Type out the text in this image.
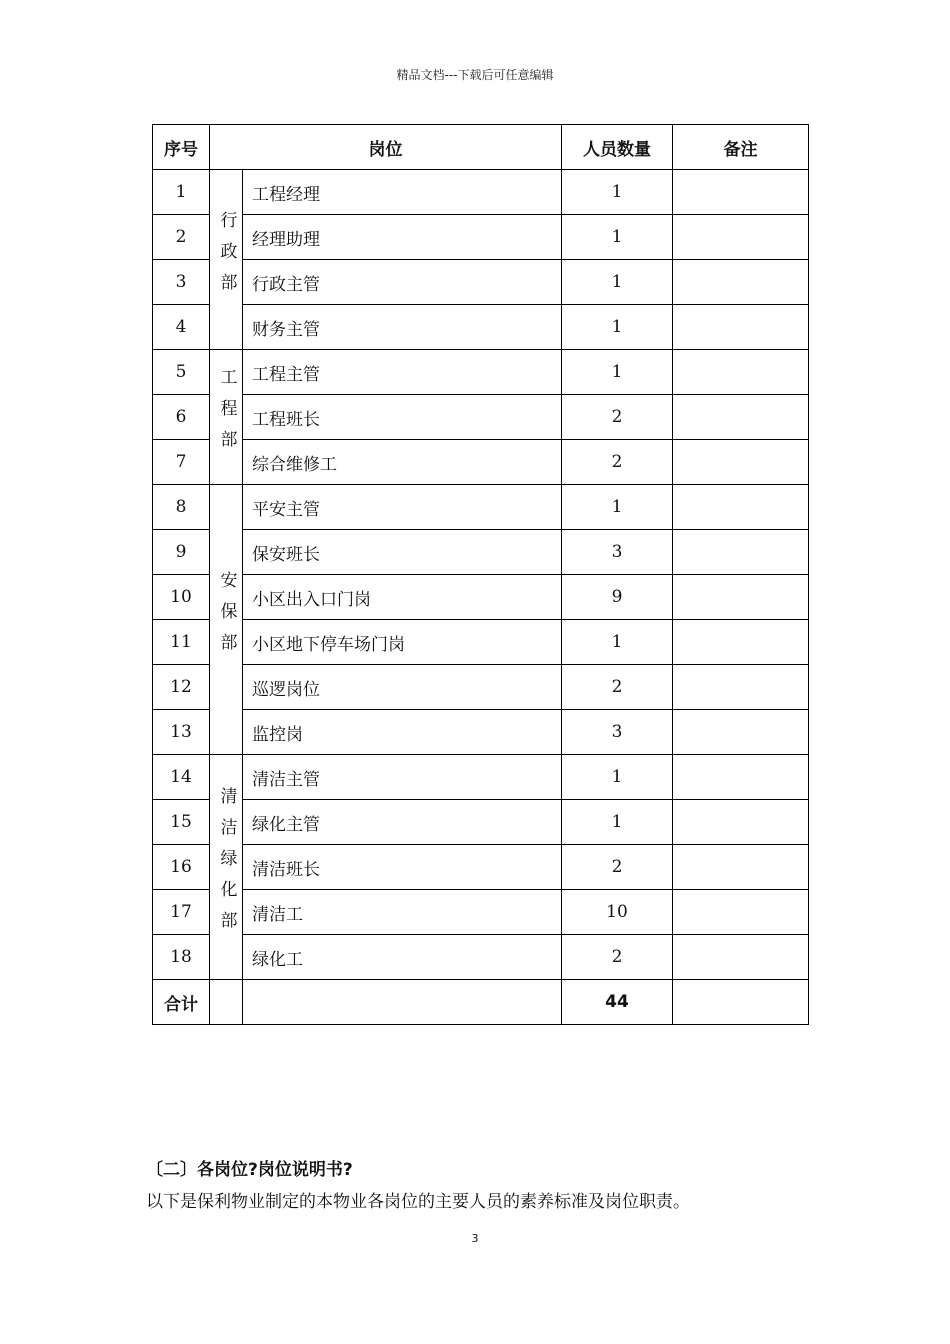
精品文档---下载后可任意编辑
序号	岗位		人员数量	备注
1	行政部	工程经理	1	
2		经理助理	1	
3		行政主管	1	
4		财务主管	1	
5	工程部	工程主管	1	
6		工程班长	2	
7		综合维修工	2	
8	安保部	平安主管	1	
9		保安班长	3	
10		小区出入口门岗	9	
11		小区地下停车场门岗	1	
12		巡逻岗位	2	
13		监控岗	3	
14	清洁绿化部	清洁主管	1	
15		绿化主管	1	
16		清洁班长	2	
17		清洁工	10	
18		绿化工	2	
合计			44	
〔二〕各岗位?岗位说明书?
以下是保利物业制定的本物业各岗位的主要人员的素养标准及岗位职责。
3
